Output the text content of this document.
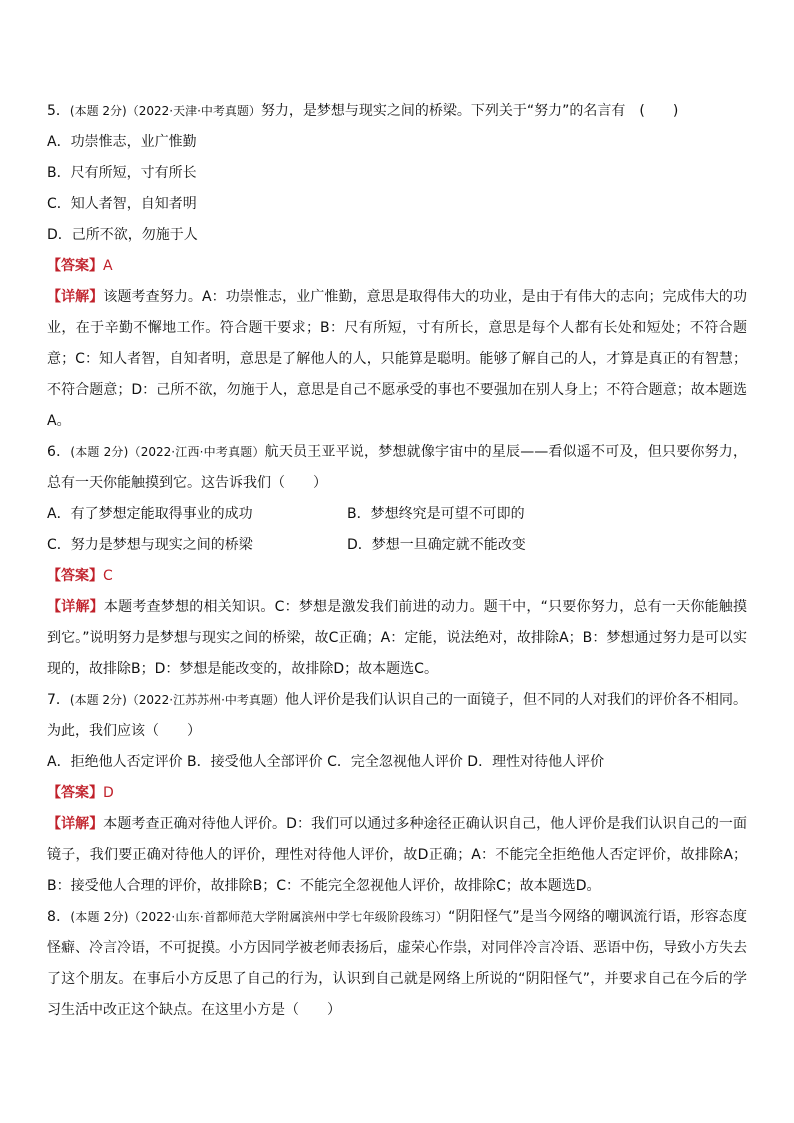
5．(本题 2分)（2022·天津·中考真题）努力，是梦想与现实之间的桥梁。下列关于“努力”的名言有　(　　)
A．功崇惟志，业广惟勤
B．尺有所短，寸有所长
C．知人者智，自知者明
D．己所不欲，勿施于人
【答案】A
【详解】该题考查努力。A：功崇惟志，业广惟勤，意思是取得伟大的功业，是由于有伟大的志向；完成伟大的功业，在于辛勤不懈地工作。符合题干要求；B：尺有所短，寸有所长，意思是每个人都有长处和短处；不符合题意；C：知人者智，自知者明，意思是了解他人的人，只能算是聪明。能够了解自己的人，才算是真正的有智慧；不符合题意；D：己所不欲，勿施于人，意思是自己不愿承受的事也不要强加在别人身上；不符合题意；故本题选A。
6．(本题 2分)（2022·江西·中考真题）航天员王亚平说，梦想就像宇宙中的星辰——看似遥不可及，但只要你努力，总有一天你能触摸到它。这告诉我们（　　）
A．有了梦想定能取得事业的成功	B．梦想终究是可望不可即的
C．努力是梦想与现实之间的桥梁	D．梦想一旦确定就不能改变
【答案】C
【详解】本题考查梦想的相关知识。C：梦想是激发我们前进的动力。题干中，“只要你努力，总有一天你能触摸到它。”说明努力是梦想与现实之间的桥梁，故C正确；A：定能，说法绝对，故排除A；B：梦想通过努力是可以实现的，故排除B；D：梦想是能改变的，故排除D；故本题选C。
7．(本题 2分)（2022·江苏苏州·中考真题）他人评价是我们认识自己的一面镜子，但不同的人对我们的评价各不相同。为此，我们应该（　　）
A．拒绝他人否定评价 B．接受他人全部评价 C．完全忽视他人评价 D．理性对待他人评价
【答案】D
【详解】本题考查正确对待他人评价。D：我们可以通过多种途径正确认识自己，他人评价是我们认识自己的一面镜子，我们要正确对待他人的评价，理性对待他人评价，故D正确；A：不能完全拒绝他人否定评价，故排除A；B：接受他人合理的评价，故排除B；C：不能完全忽视他人评价，故排除C；故本题选D。
8．(本题 2分)（2022·山东·首都师范大学附属滨州中学七年级阶段练习）“阴阳怪气”是当今网络的嘲讽流行语，形容态度怪癖、冷言冷语，不可捉摸。小方因同学被老师表扬后，虚荣心作祟，对同伴冷言冷语、恶语中伤，导致小方失去了这个朋友。在事后小方反思了自己的行为，认识到自己就是网络上所说的“阴阳怪气”，并要求自己在今后的学习生活中改正这个缺点。在这里小方是（　　）
